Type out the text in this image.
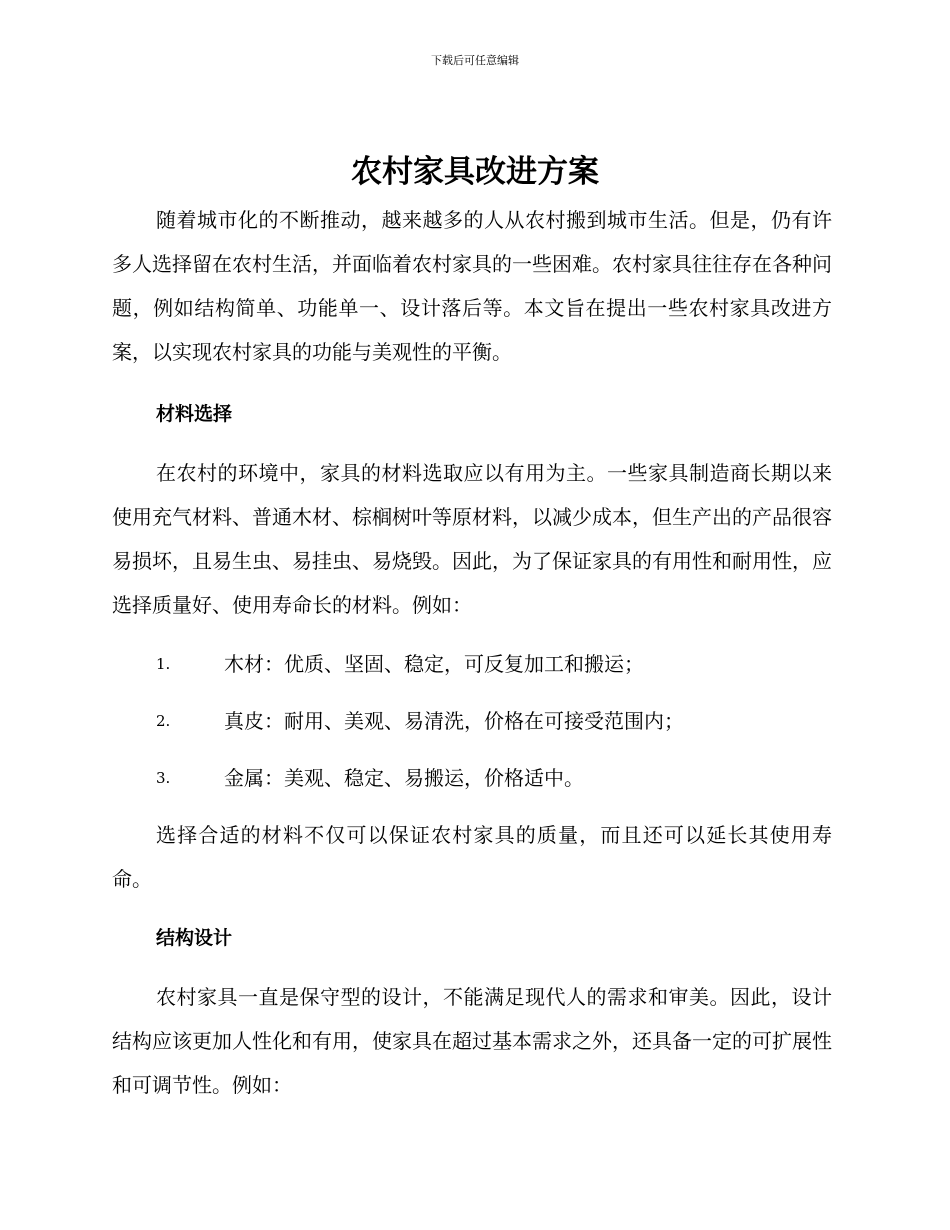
下载后可任意编辑
农村家具改进方案

随着城市化的不断推动，越来越多的人从农村搬到城市生活。但是，仍有许多人选择留在农村生活，并面临着农村家具的一些困难。农村家具往往存在各种问题，例如结构简单、功能单一、设计落后等。本文旨在提出一些农村家具改进方案，以实现农村家具的功能与美观性的平衡。

材料选择

在农村的环境中，家具的材料选取应以有用为主。一些家具制造商长期以来使用充气材料、普通木材、棕榈树叶等原材料，以减少成本，但生产出的产品很容易损坏，且易生虫、易挂虫、易烧毁。因此，为了保证家具的有用性和耐用性，应选择质量好、使用寿命长的材料。例如：

1.	木材：优质、坚固、稳定，可反复加工和搬运；
2.	真皮：耐用、美观、易清洗，价格在可接受范围内；
3.	金属：美观、稳定、易搬运，价格适中。

选择合适的材料不仅可以保证农村家具的质量，而且还可以延长其使用寿命。

结构设计

农村家具一直是保守型的设计，不能满足现代人的需求和审美。因此，设计结构应该更加人性化和有用，使家具在超过基本需求之外，还具备一定的可扩展性和可调节性。例如：
